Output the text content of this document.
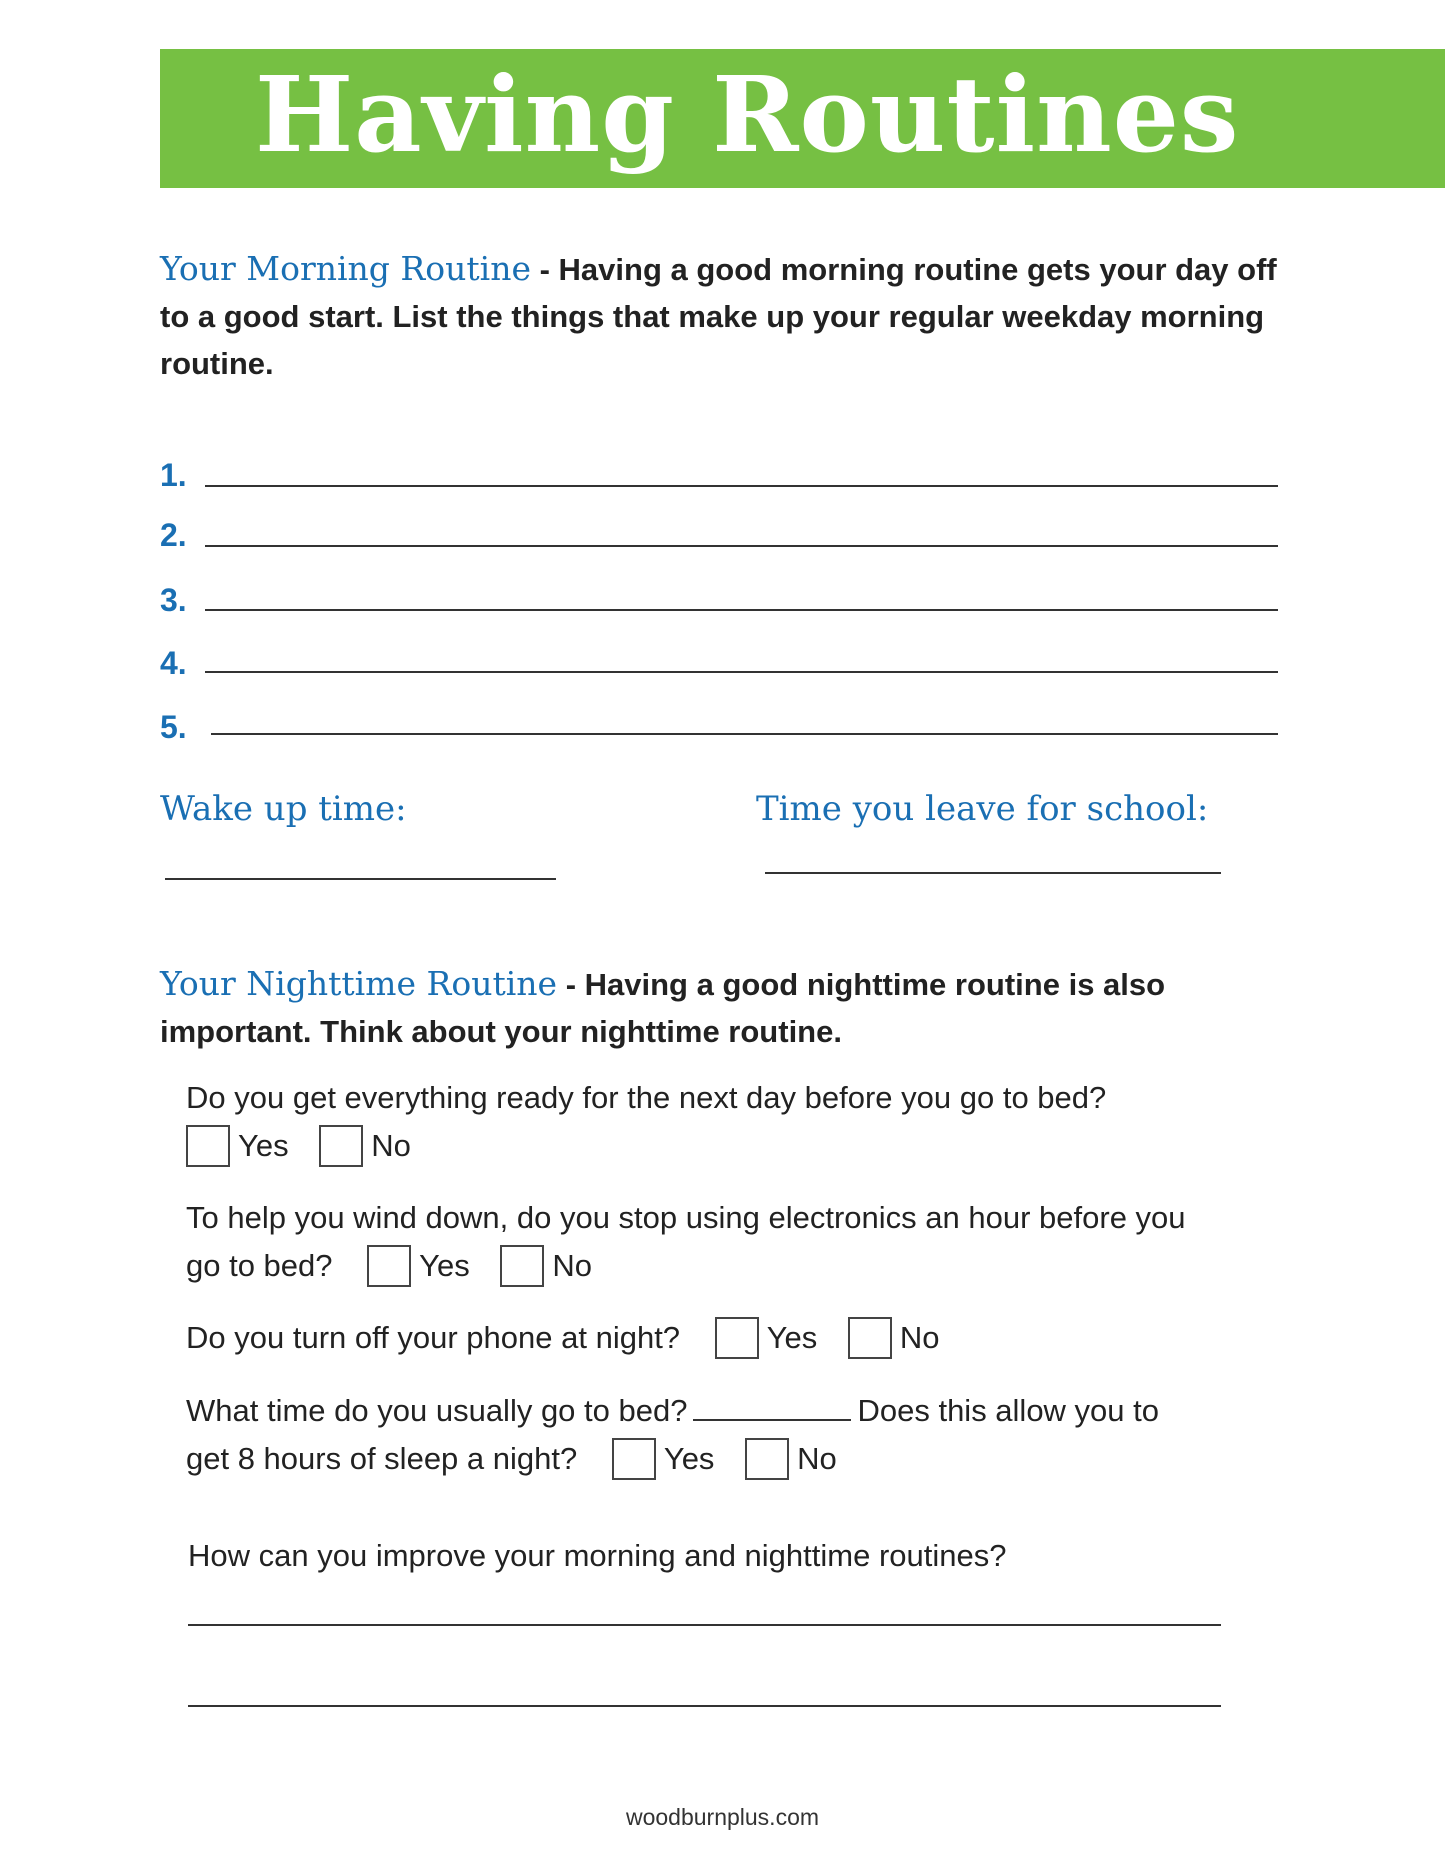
Having Routines

Your Morning Routine - Having a good morning routine gets your day off to a good start. List the things that make up your regular weekday morning routine.

1.
2.
3.
4.
5.
Wake up time:	Time you leave for school:

Your Nighttime Routine - Having a good nighttime routine is also important. Think about your nighttime routine.

Do you get everything ready for the next day before you go to bed?
Yes	No
To help you wind down, do you stop using electronics an hour before you
go to bed?	Yes	No
Do you turn off your phone at night?	Yes	No
What time do you usually go to bed?	Does this allow you to
get 8 hours of sleep a night?	Yes	No
How can you improve your morning and nighttime routines?
woodburnplus.com
